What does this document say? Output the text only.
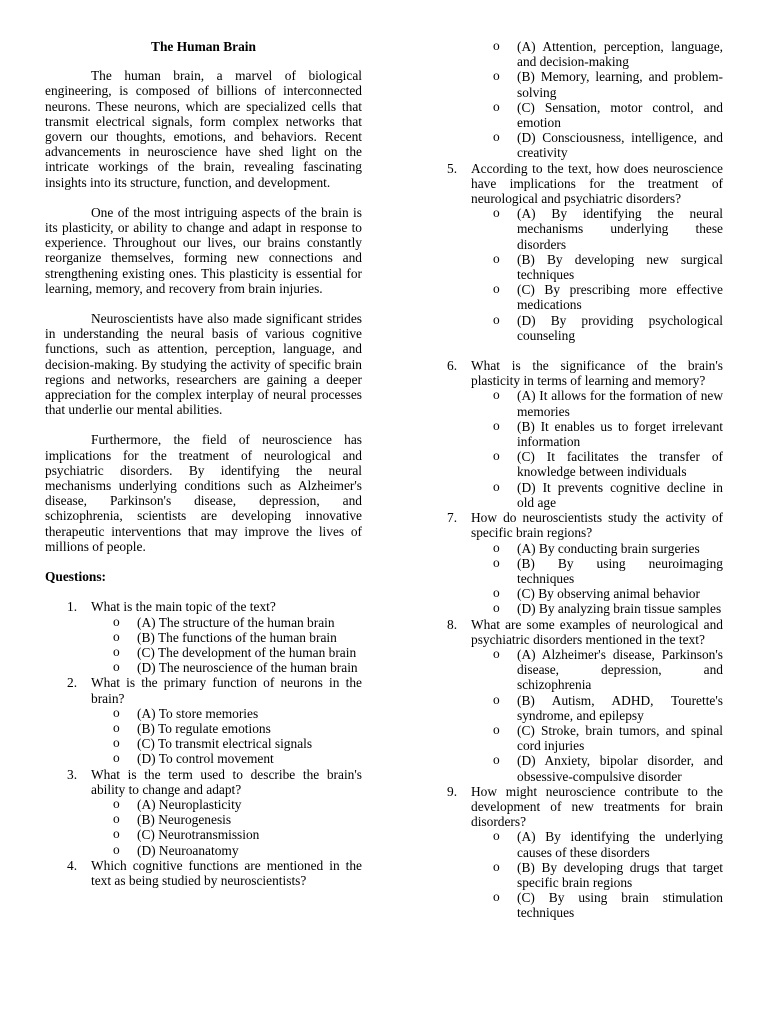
The Human Brain
The human brain, a marvel of biological engineering, is composed of billions of interconnected neurons. These neurons, which are specialized cells that transmit electrical signals, form complex networks that govern our thoughts, emotions, and behaviors. Recent advancements in neuroscience have shed light on the intricate workings of the brain, revealing fascinating insights into its structure, function, and development.
One of the most intriguing aspects of the brain is its plasticity, or ability to change and adapt in response to experience. Throughout our lives, our brains constantly reorganize themselves, forming new connections and strengthening existing ones. This plasticity is essential for learning, memory, and recovery from brain injuries.
Neuroscientists have also made significant strides in understanding the neural basis of various cognitive functions, such as attention, perception, language, and decision-making. By studying the activity of specific brain regions and networks, researchers are gaining a deeper appreciation for the complex interplay of neural processes that underlie our mental abilities.
Furthermore, the field of neuroscience has implications for the treatment of neurological and psychiatric disorders. By identifying the neural mechanisms underlying conditions such as Alzheimer's disease, Parkinson's disease, depression, and schizophrenia, scientists are developing innovative therapeutic interventions that may improve the lives of millions of people.
Questions:
1. What is the main topic of the text?
o (A) The structure of the human brain
o (B) The functions of the human brain
o (C) The development of the human brain
o (D) The neuroscience of the human brain
2. What is the primary function of neurons in the brain?
o (A) To store memories
o (B) To regulate emotions
o (C) To transmit electrical signals
o (D) To control movement
3. What is the term used to describe the brain's ability to change and adapt?
o (A) Neuroplasticity
o (B) Neurogenesis
o (C) Neurotransmission
o (D) Neuroanatomy
4. Which cognitive functions are mentioned in the text as being studied by neuroscientists?
o (A) Attention, perception, language, and decision-making
o (B) Memory, learning, and problem-solving
o (C) Sensation, motor control, and emotion
o (D) Consciousness, intelligence, and creativity
5. According to the text, how does neuroscience have implications for the treatment of neurological and psychiatric disorders?
o (A) By identifying the neural mechanisms underlying these disorders
o (B) By developing new surgical techniques
o (C) By prescribing more effective medications
o (D) By providing psychological counseling
6. What is the significance of the brain's plasticity in terms of learning and memory?
o (A) It allows for the formation of new memories
o (B) It enables us to forget irrelevant information
o (C) It facilitates the transfer of knowledge between individuals
o (D) It prevents cognitive decline in old age
7. How do neuroscientists study the activity of specific brain regions?
o (A) By conducting brain surgeries
o (B) By using neuroimaging techniques
o (C) By observing animal behavior
o (D) By analyzing brain tissue samples
8. What are some examples of neurological and psychiatric disorders mentioned in the text?
o (A) Alzheimer's disease, Parkinson's disease, depression, and schizophrenia
o (B) Autism, ADHD, Tourette's syndrome, and epilepsy
o (C) Stroke, brain tumors, and spinal cord injuries
o (D) Anxiety, bipolar disorder, and obsessive-compulsive disorder
9. How might neuroscience contribute to the development of new treatments for brain disorders?
o (A) By identifying the underlying causes of these disorders
o (B) By developing drugs that target specific brain regions
o (C) By using brain stimulation techniques
